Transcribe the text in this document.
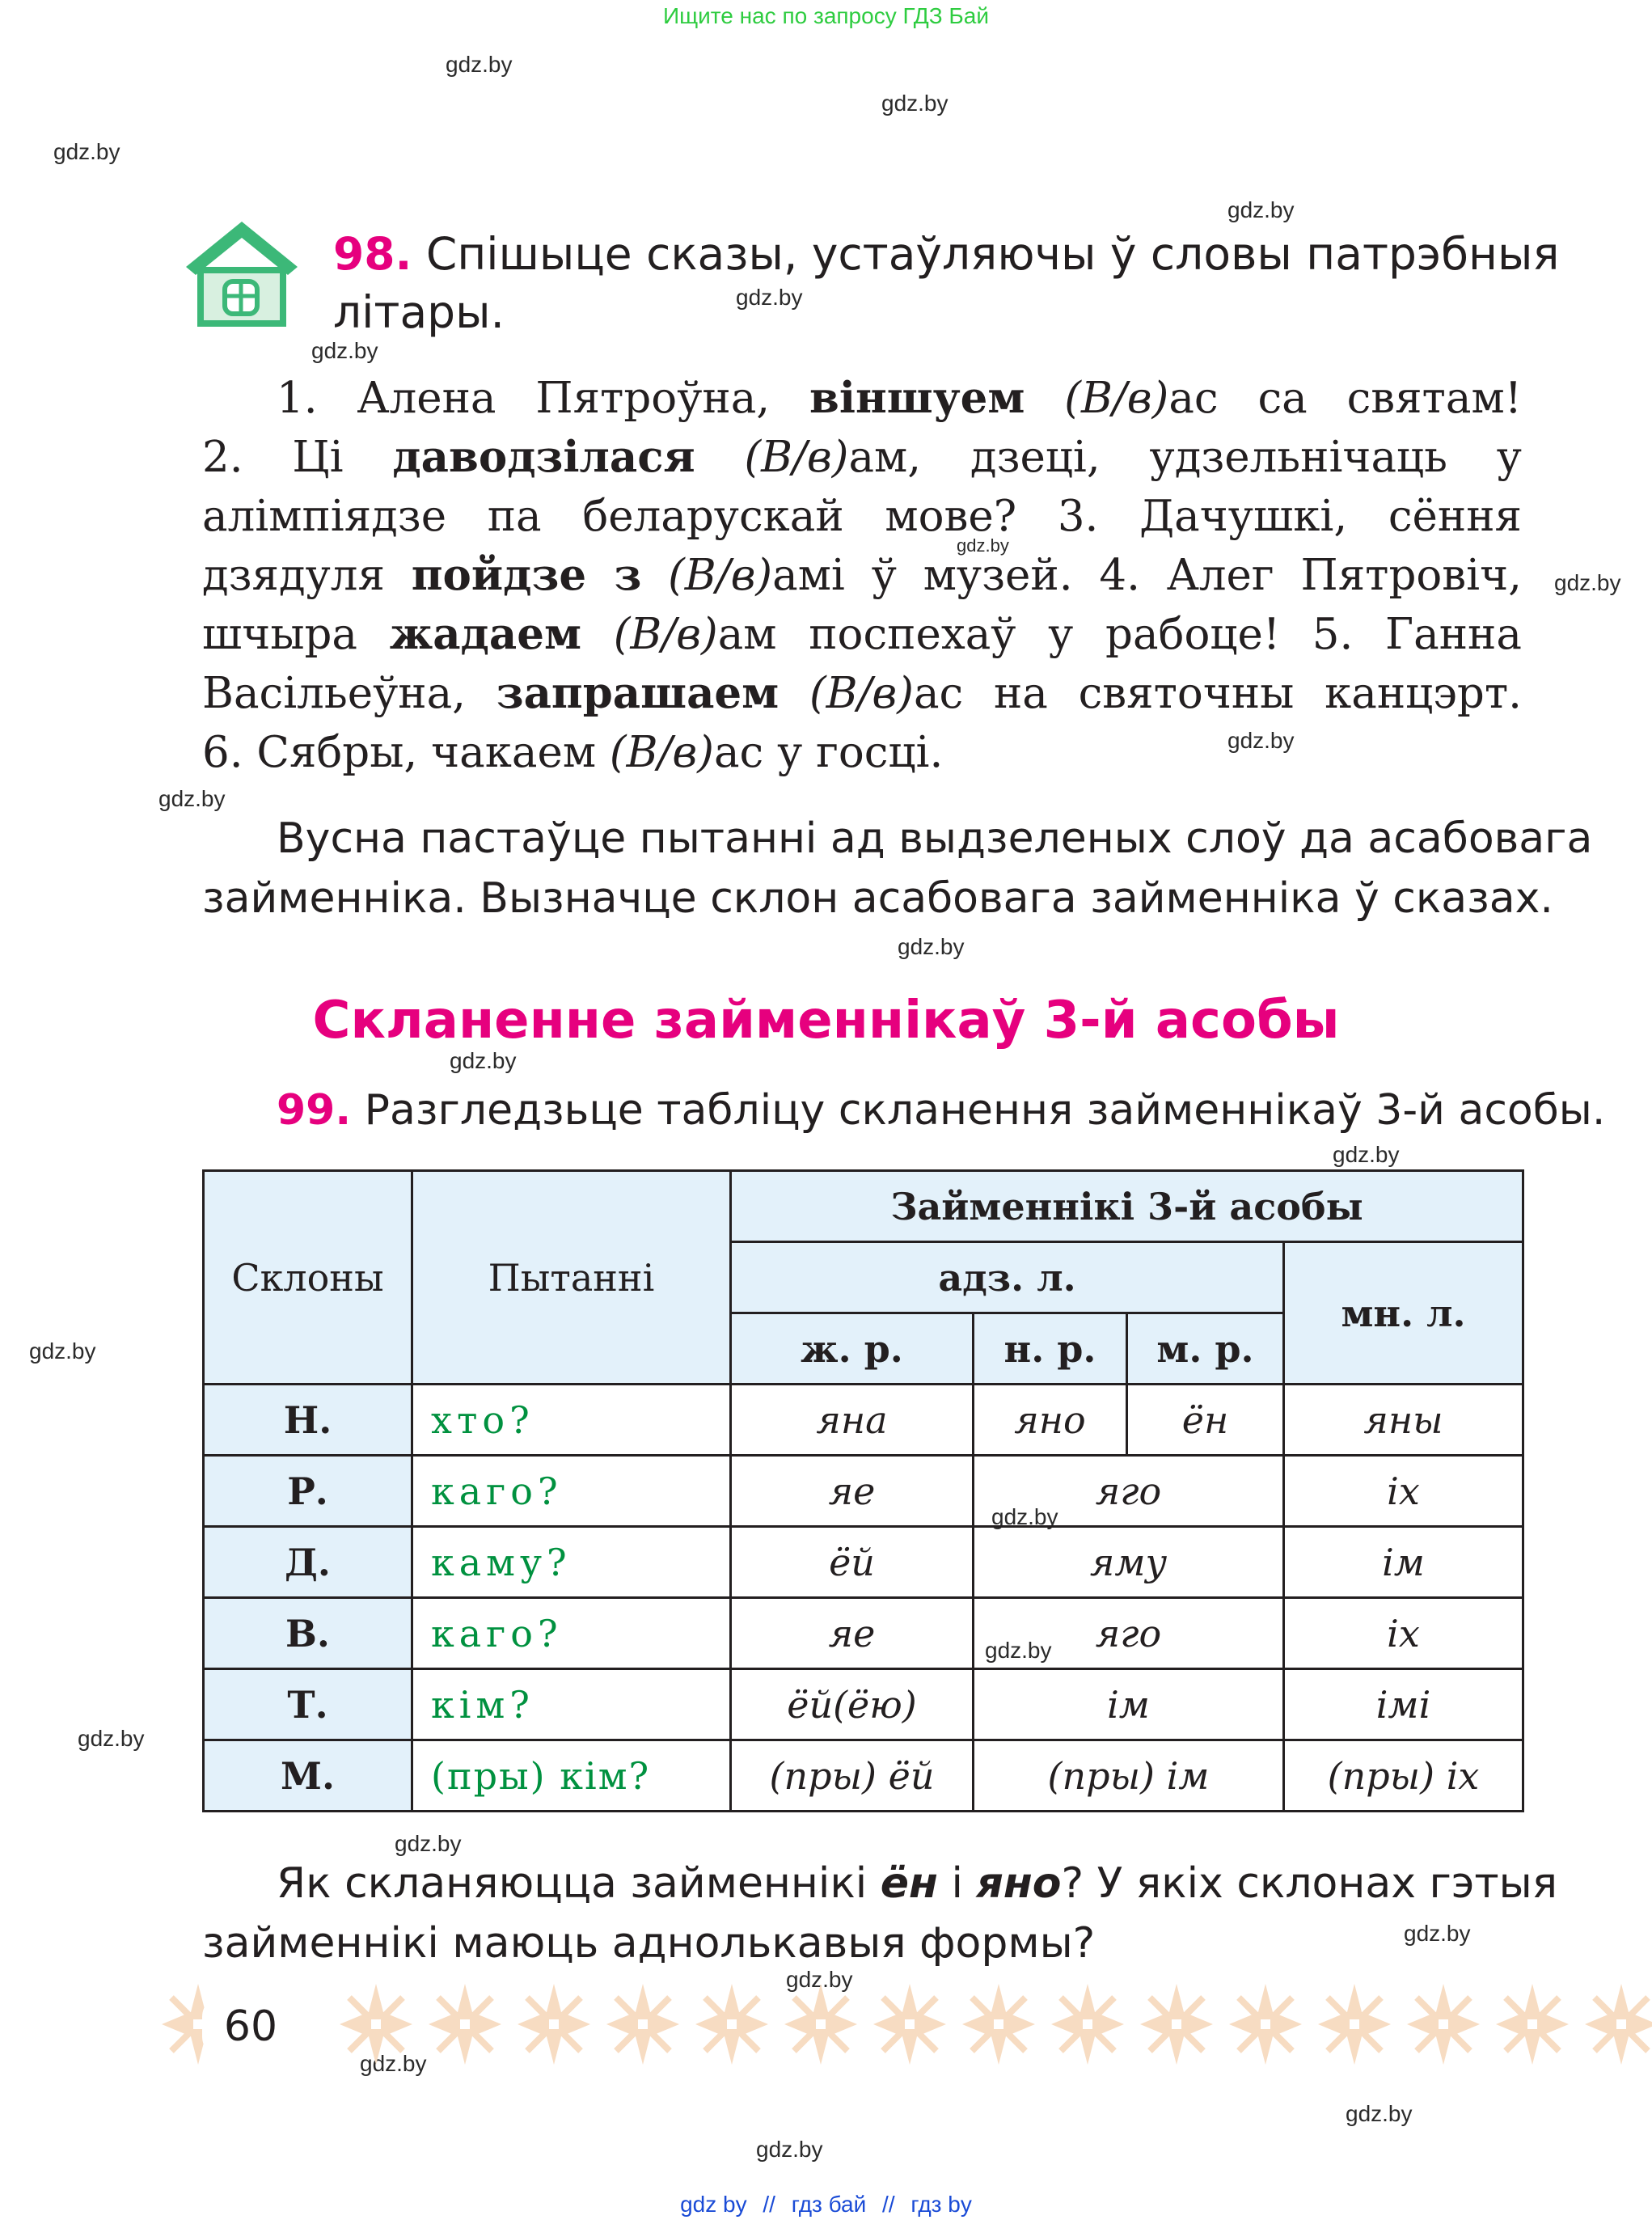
Ищите нас по запросу ГДЗ Бай
gdz.by
gdz.by
gdz.by
gdz.by
gdz.by
gdz.by
gdz.by
gdz.by
gdz.by
gdz.by
gdz.by
gdz.by
gdz.by
gdz.by
gdz.by
gdz.by
gdz.by
gdz.by
gdz.by
gdz.by
gdz.by
gdz.by
gdz.by
98. Спішыце сказы, устаўляючы ў словы патрэбныя
літары.
1. Алена Пятроўна, віншуем (В/в)ас са святам!
2. Ці даводзілася (В/в)ам, дзеці, удзельнічаць у
алімпіядзе па беларускай мове? 3. Дачушкі, сёння
дзядуля пойдзе з (В/в)амі ў музей. 4. Алег Пятровіч,
шчыра жадаем (В/в)ам поспехаў у рабоце! 5. Ганна
Васільеўна, запрашаем (В/в)ас на святочны канцэрт.
6. Сябры, чакаем (В/в)ас у госці.
Вусна пастаўце пытанні ад выдзеленых слоў да асабовага
займенніка. Вызначце склон асабовага займенніка ў сказах.
Скланенне займеннікаў 3-й асобы
99. Разгледзьце табліцу скланення займеннікаў 3-й асобы.
Склоны	Пытанні	Займеннікі 3-й асобы			
		адз. л.			мн. л.
		ж. р.	н. р.	м. р.	
Н.	хто?	яна	яно	ён	яны
Р.	каго?	яе	яго		іх
Д.	каму?	ёй	яму		ім
В.	каго?	яе	яго		іх
Т.	кім?	ёй(ёю)	ім		імі
М.	(пры) кім?	(пры) ёй	(пры) ім		(пры) іх
Як скланяюцца займеннікі ён і яно? У якіх склонах гэтыя
займеннікі маюць аднолькавыя формы?
60
gdz by // гдз бай // гдз by
